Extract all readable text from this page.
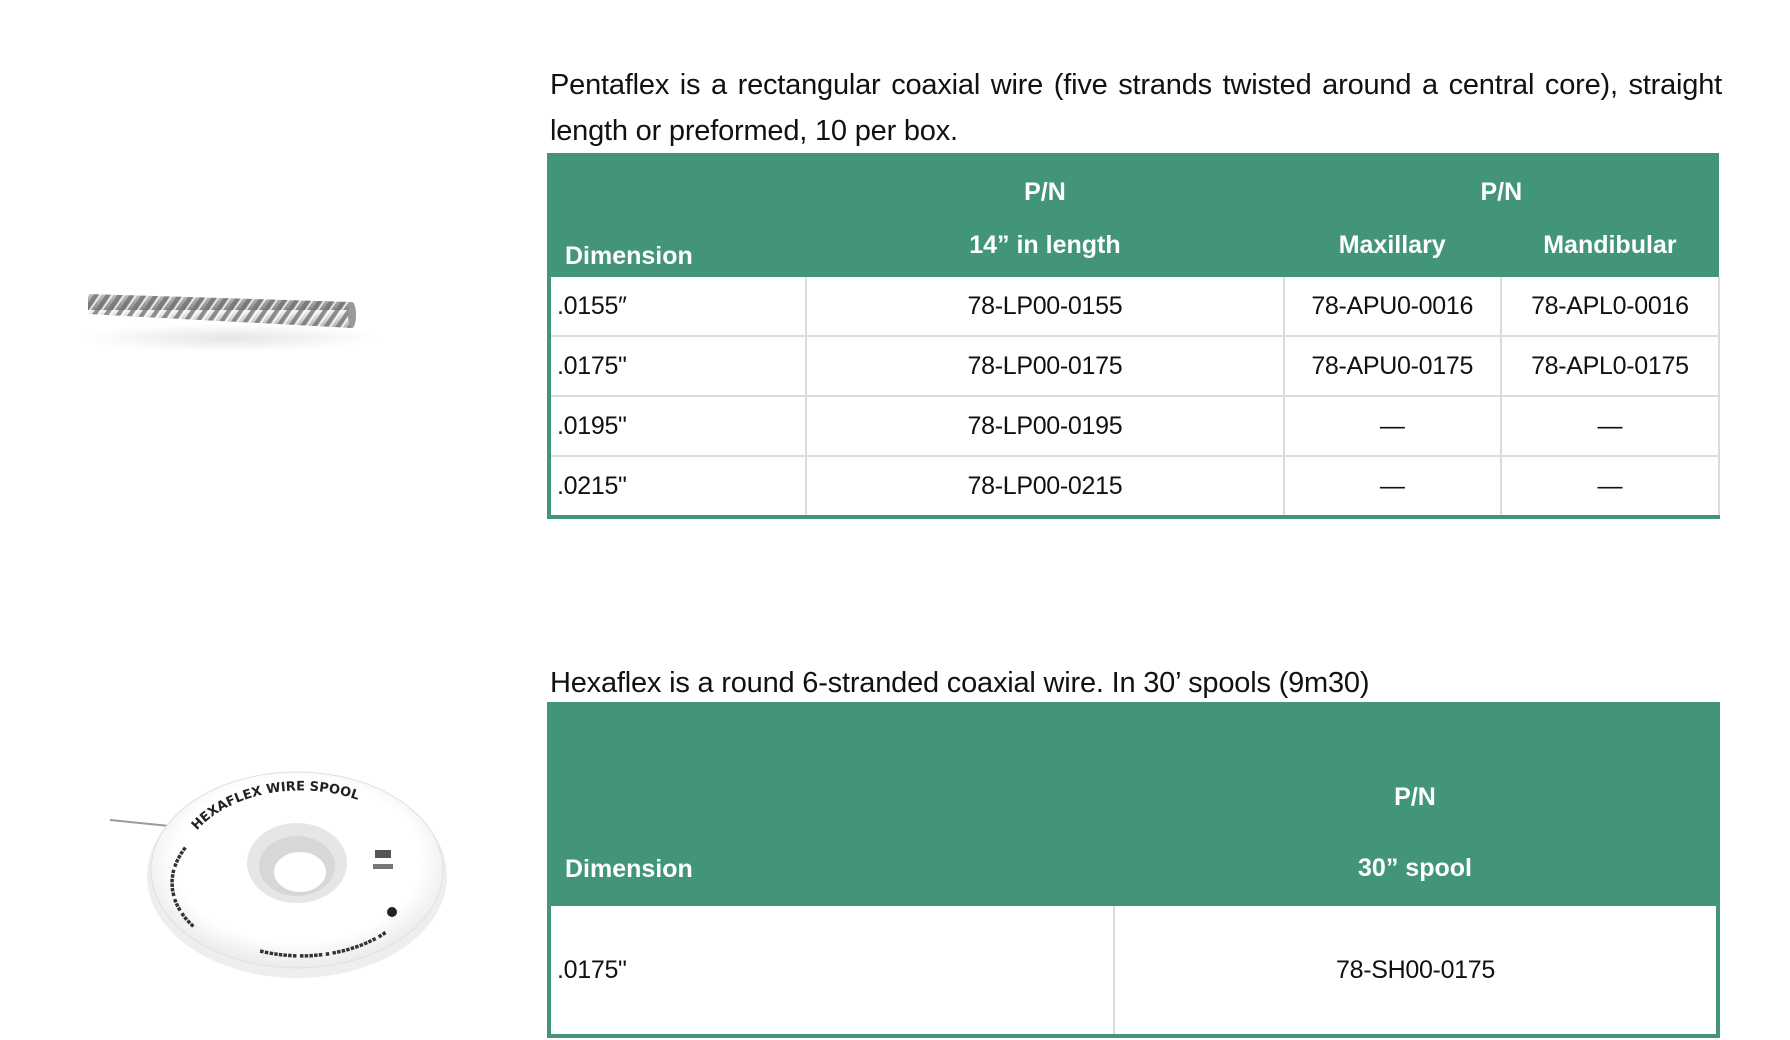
Pentaflex is a rectangular coaxial wire (five strands twisted around a central core), straight length or preformed, 10 per box.

Dimension	P/N	P/N	
	14” in length	Maxillary	Mandibular
.0155″	78-LP00-0155	78-APU0-0016	78-APL0-0016
.0175"	78-LP00-0175	78-APU0-0175	78-APL0-0175
.0195"	78-LP00-0195	—	—
.0215"	78-LP00-0215	—	—
HEXAFLEX WIRE SPOOL
▪▪▪▪▪ ▪▪▪▪▪▪ ▪▪▪ ▪▪▪▪
▪▪▪▪▪▪▪▪ ▪▪▪▪▪ ▪ ▪▪▪▪▪▪▪▪▪▪ ▪▪

Hexaflex is a round 6-stranded coaxial wire. In 30’ spools (9m30)

Dimension	P/N
	30” spool
.0175"	78-SH00-0175
